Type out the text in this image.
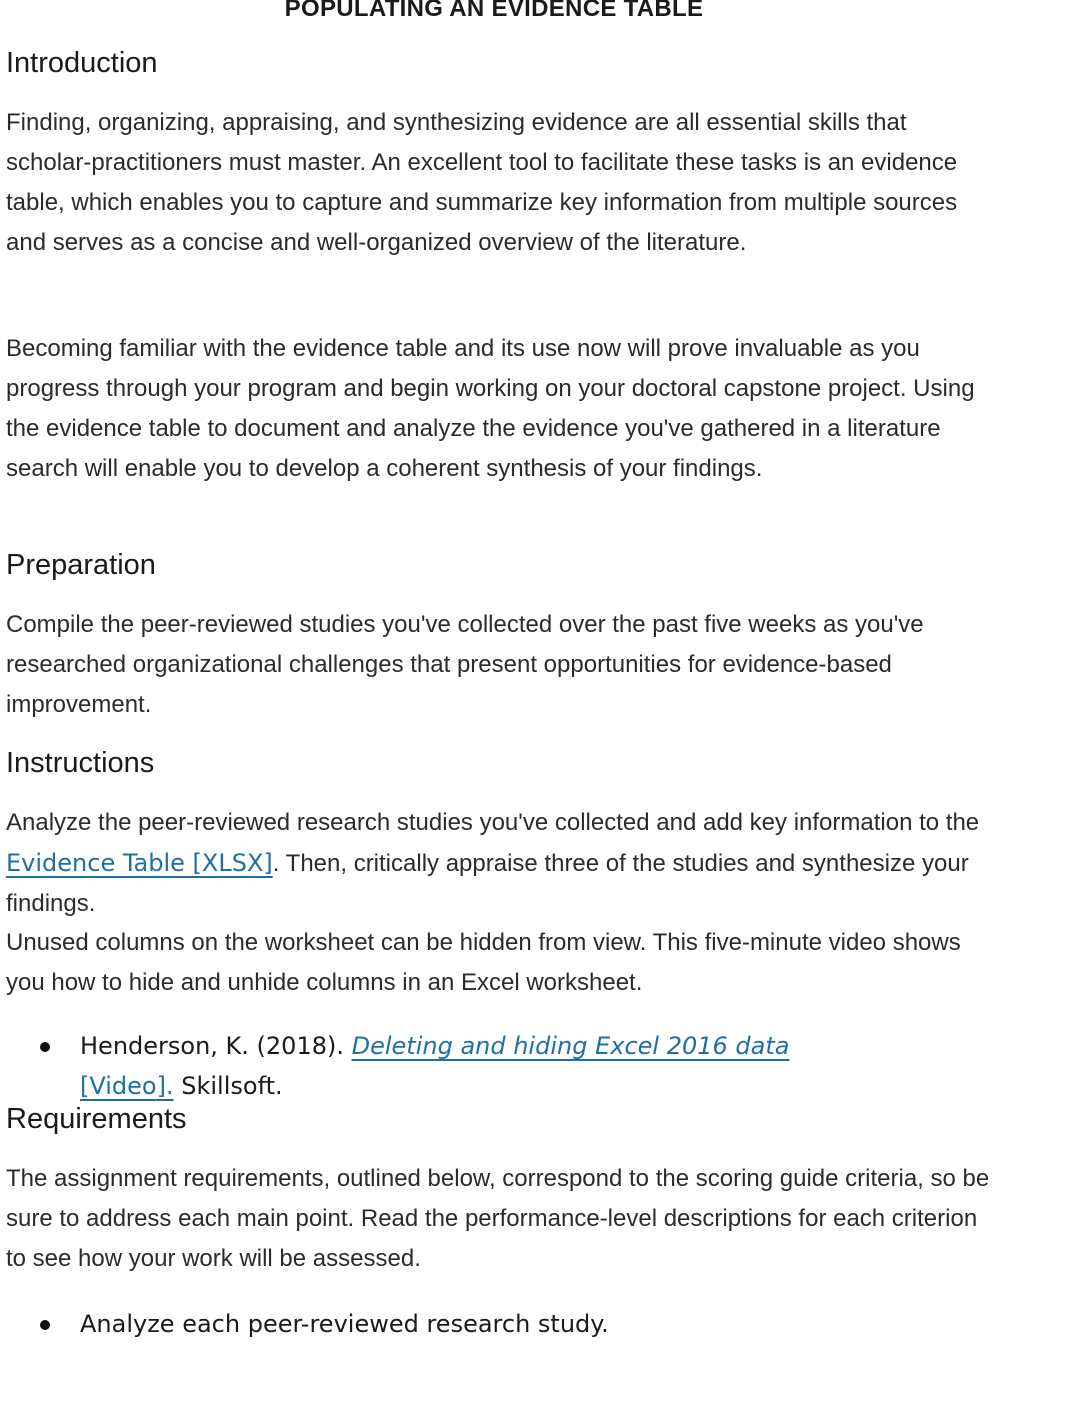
POPULATING AN EVIDENCE TABLE
Introduction

Finding, organizing, appraising, and synthesizing evidence are all essential skills that scholar-practitioners must master. An excellent tool to facilitate these tasks is an evidence table, which enables you to capture and summarize key information from multiple sources and serves as a concise and well-organized overview of the literature.

Becoming familiar with the evidence table and its use now will prove invaluable as you progress through your program and begin working on your doctoral capstone project. Using the evidence table to document and analyze the evidence you've gathered in a literature search will enable you to develop a coherent synthesis of your findings.

Preparation

Compile the peer-reviewed studies you've collected over the past five weeks as you've researched organizational challenges that present opportunities for evidence-based improvement.

Instructions

Analyze the peer-reviewed research studies you've collected and add key information to the Evidence Table [XLSX]. Then, critically appraise three of the studies and synthesize your findings.

Unused columns on the worksheet can be hidden from view. This five-minute video shows you how to hide and unhide columns in an Excel worksheet.

Henderson, K. (2018). Deleting and hiding Excel 2016 data [Video]. Skillsoft.
Requirements

The assignment requirements, outlined below, correspond to the scoring guide criteria, so be sure to address each main point. Read the performance-level descriptions for each criterion to see how your work will be assessed.

Analyze each peer-reviewed research study.
